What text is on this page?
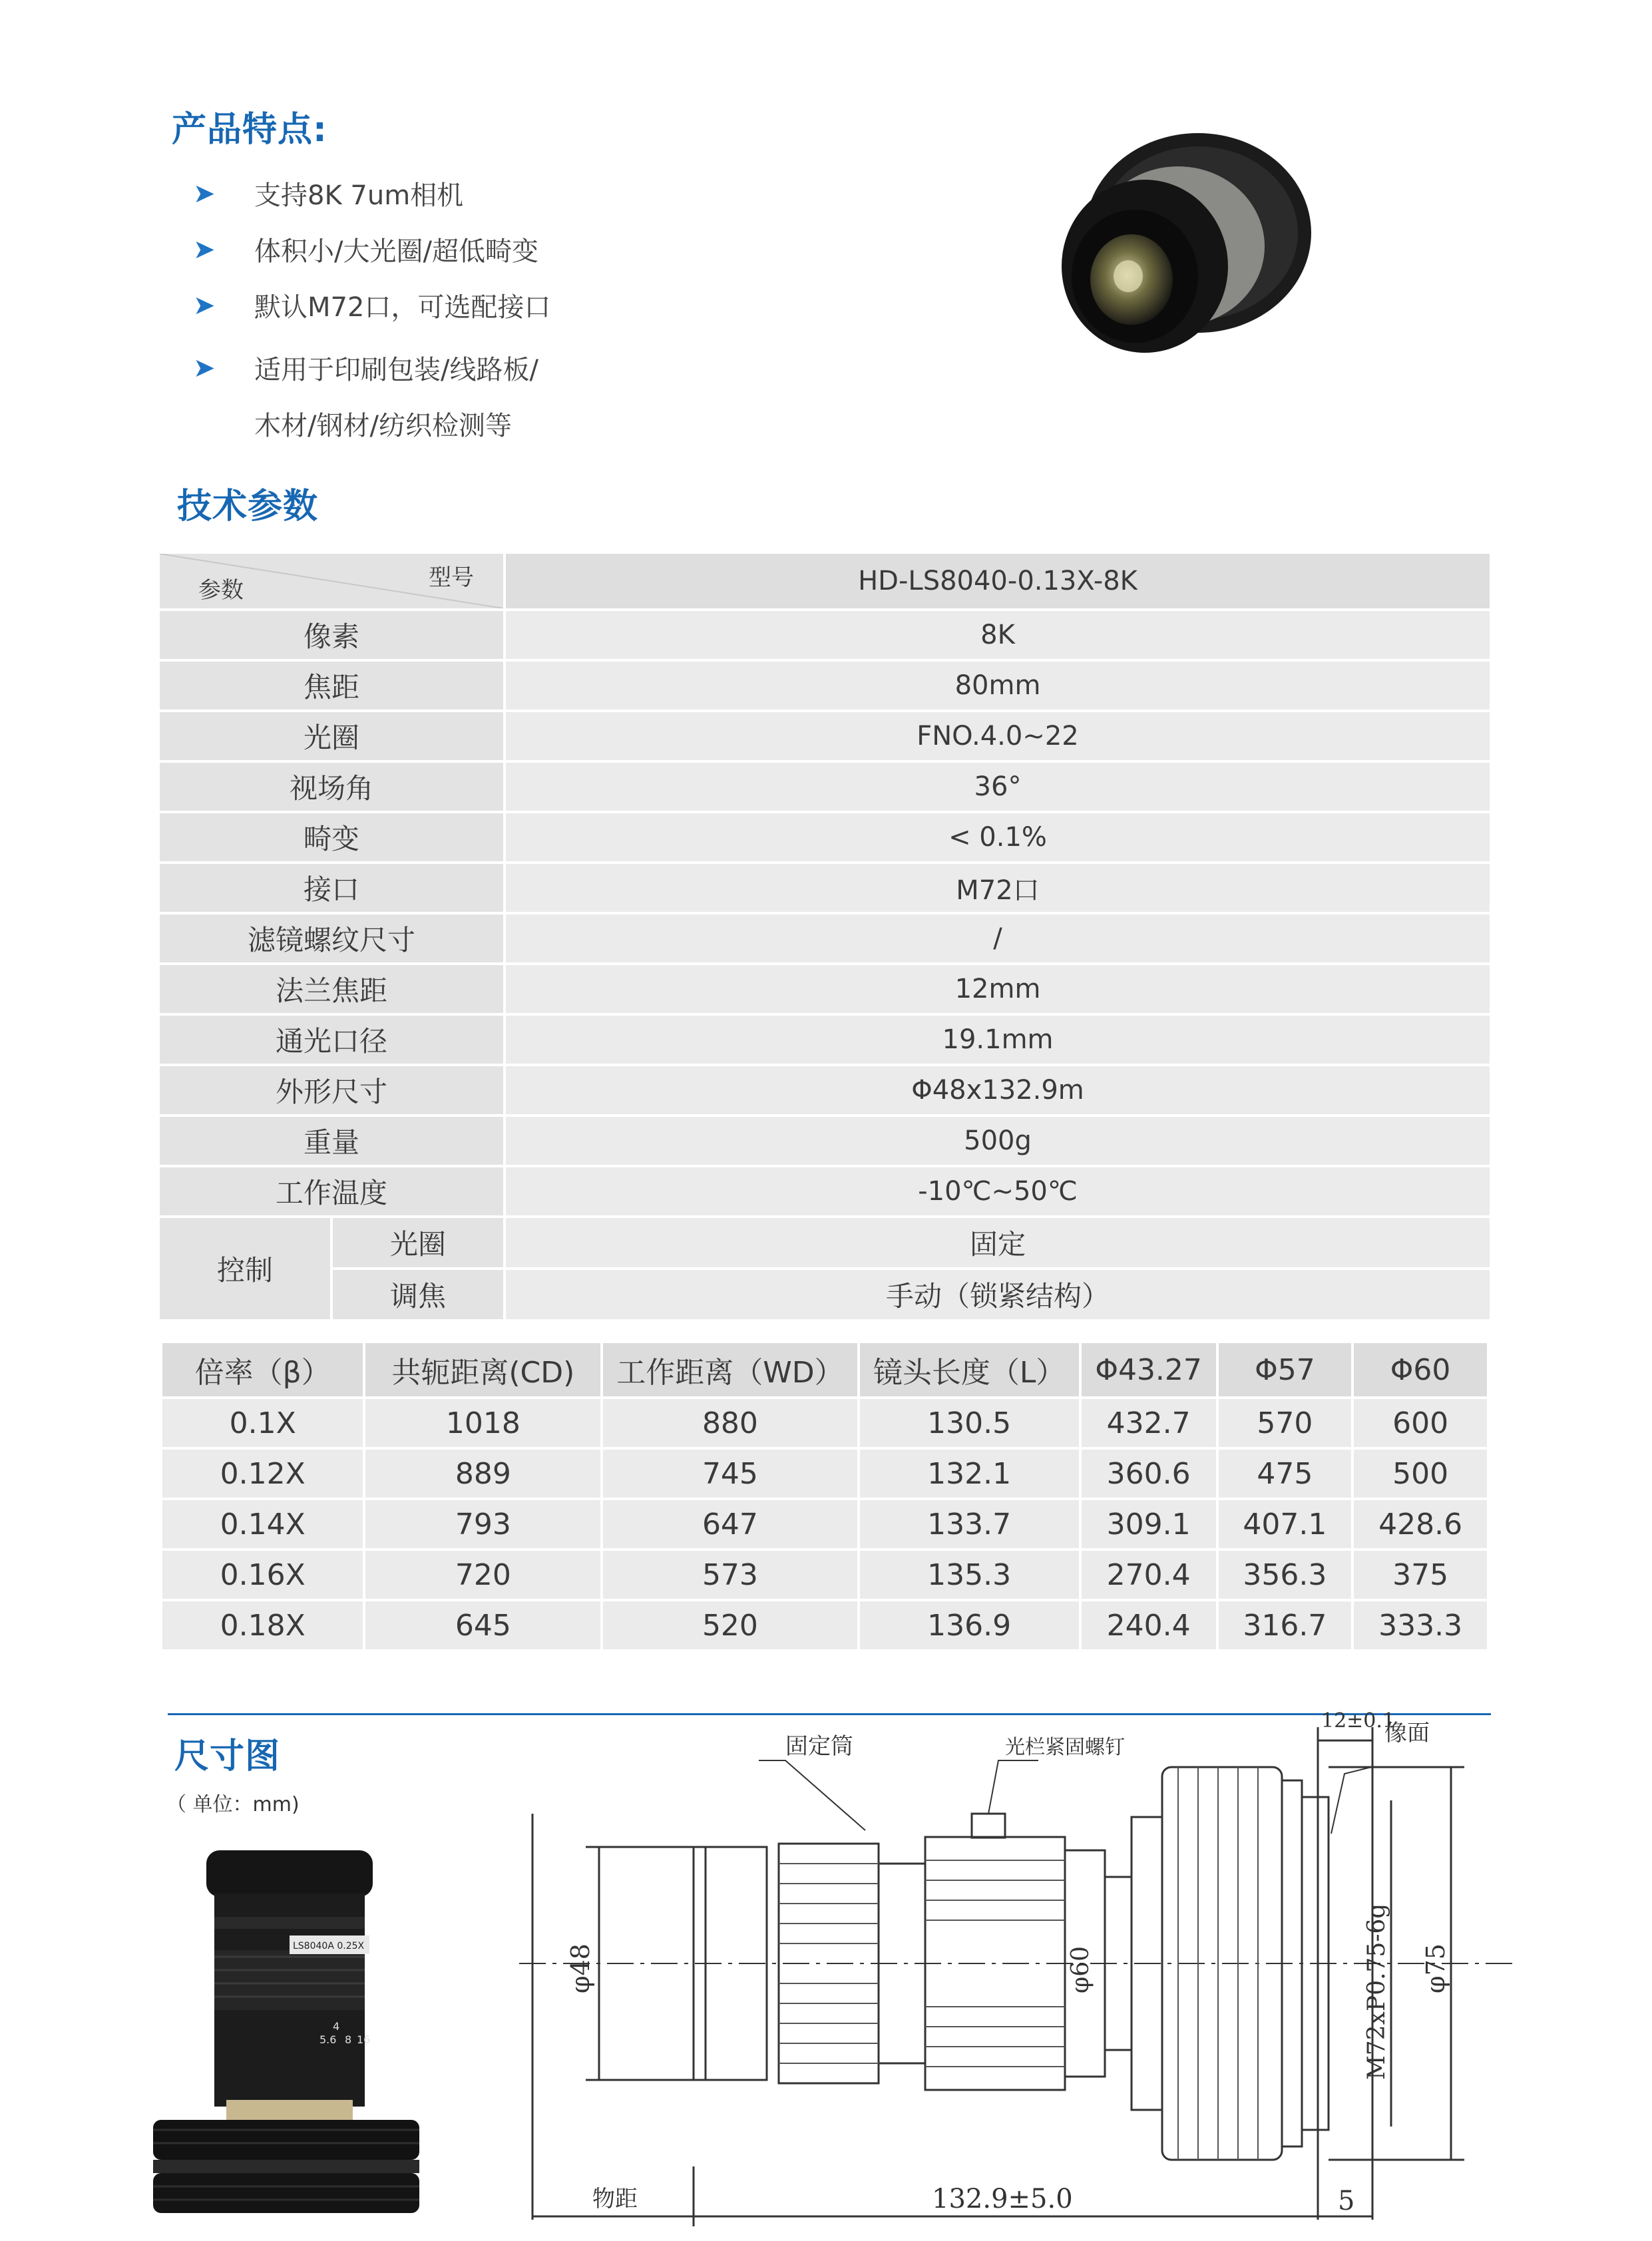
产品特点:
➤	支持8K 7um相机
➤	体积小/大光圈/超低畸变
➤	默认M72口，可选配接口
➤	适用于印刷包装/线路板/
木材/钢材/纺织检测等
技术参数
型号
参数	HD-LS8040-0.13X-8K
像素	8K
焦距	80mm
光圈	FNO.4.0~22
视场角	36°
畸变	< 0.1%
接口	M72口
滤镜螺纹尺寸	/
法兰焦距	12mm
通光口径	19.1mm
外形尺寸	Φ48x132.9m
重量	500g
工作温度	-10℃~50℃
控制
光圈	固定
调焦	手动（锁紧结构）
倍率（β）	共轭距离(CD)	工作距离（WD）	镜头长度（L）	Φ43.27	Φ57	Φ60
0.1X	1018	880	130.5	432.7	570	600
0.12X	889	745	132.1	360.6	475	500
0.14X	793	647	133.7	309.1	407.1	428.6
0.16X	720	573	135.3	270.4	356.3	375
0.18X	645	520	136.9	240.4	316.7	333.3
尺寸图
（ 单位：mm)
LS8040A 0.25X
4
5.6 8 16
固定筒	光栏紧固螺钉
12±0.1
像面
φ48	φ60	M72xP0.75-6g φ75
物距	132.9±5.0	5
